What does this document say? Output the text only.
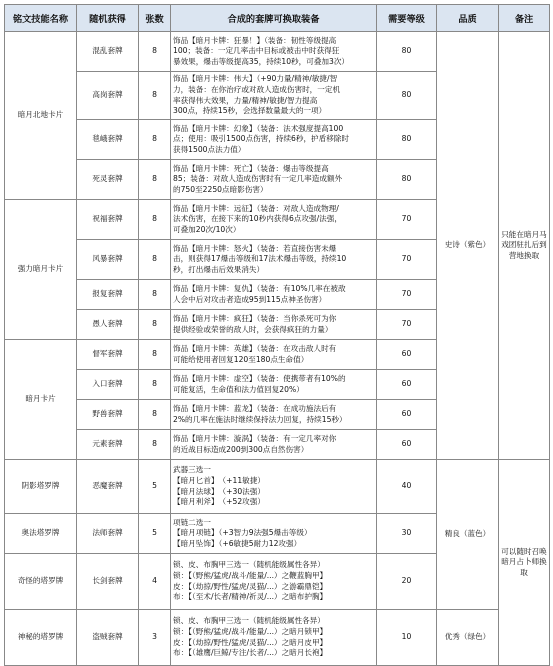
铭文技能名称	随机获得	张数	合成的套牌可换取装备	需要等级	品质	备注
暗月北地卡片	混乱套牌	8	饰品【暗月卡牌：狂暴！】（装备：韧性等级提高
100；装备：一定几率击中目标或被击中时获得狂
暴效果，爆击等级提高35，持续10秒，可叠加3次）	80	史诗（紫色）	只能在暗月马戏团驻扎后到营地换取
	高岗套牌	8	饰品【暗月卡牌：伟大】（+90力量/精神/敏捷/智
力，装备：在你治疗或对敌人造成伤害时，一定机
率获得伟大效果，力量/精神/敏捷/智力提高
300点，持续15秒，会选择数量最大的一项）	80		
	毯峨套牌	8	饰品【暗月卡牌：幻象】（装备：法术强度提高100
点；使用：吸引1500点伤害，持续6秒，护盾移除时
获得1500点法力值）	80		
	死灵套牌	8	饰品【暗月卡牌：死亡】（装备：爆击等级提高
85；装备：对敌人造成伤害时有一定几率造成额外
的750至2250点暗影伤害）	80		
强力暗月卡片	祝福套牌	8	饰品【暗月卡牌：远征】（装备：对敌人造成物理/
法术伤害，在接下来的10秒内获得6点攻强/法强，
可叠加20次/10次）	70		
	风暴套牌	8	饰品【暗月卡牌：怒火】（装备：若直接伤害未爆
击，则获得17爆击等级和17法术爆击等级，持续10
秒，打出爆击后效果消失）	70		
	报复套牌	8	饰品【暗月卡牌：复仇】（装备：有10%几率在被敌
人会中后对攻击者造成95到115点神圣伤害）	70		
	愚人套牌	8	饰品【暗月卡牌：疯狂】（装备：当你杀死可为你
提供经验或荣誉的敌人时，会获得疯狂的力量）	70		
暗月卡片	督军套牌	8	饰品【暗月卡牌：英雄】（装备：在攻击敌人时有
可能给使用者回复120至180点生命值）	60		
	入口套牌	8	饰品【暗月卡牌：虚空】（装备：使携带者有10%的
可能复活，生命值和法力值回复20%）	60		
	野兽套牌	8	饰品【暗月卡牌：蓝龙】（装备：在成功施法后有
2%的几率在施法时继续保持法力回复，持续15秒）	60		
	元素套牌	8	饰品【暗月卡牌：漩涡】（装备：有一定几率对你
的近战目标造成200到300点自然伤害）	60		
阴影塔罗牌	恶魔套牌	5	武器三选一
【暗月匕首】　（+11敏捷）
【暗月法球】　（+30法强）
【暗月利斧】　（+52攻强）	40	精良（蓝色）	可以随时召唤暗月占卜师换取
奥法塔罗牌	法师套牌	5	项链二选一
【暗月项链】（+3智力9法强5爆击等级）
【暗月坠饰】（+6敏捷5耐力12攻强）	30		
奇怪的塔罗牌	长剑套牌	4	锁、皮、布胸甲三选一（随机能级属性各异）
锁：【（野熊/猛虎/战斗/能量/...）之鞭蓝胸甲】
皮：【（劫掠/野性/猛虎/灵猫/...）之游霸鼎铠】
布：【（至术/长者/精神/祈灵/...）之暗布护胸】	20		
神秘的塔罗牌	盗贼套牌	3	锁、皮、布胸甲三选一（随机能级属性各异）
锁：【（野熊/猛虎/战斗/能量/...）之暗月锁甲】
皮：【（劫掠/野性/猛虎/灵猫/...）之暗月皮甲】
布：【（雄鹰/巨鲸/专注/长者/...）之暗月长袍】	10	优秀（绿色）	
